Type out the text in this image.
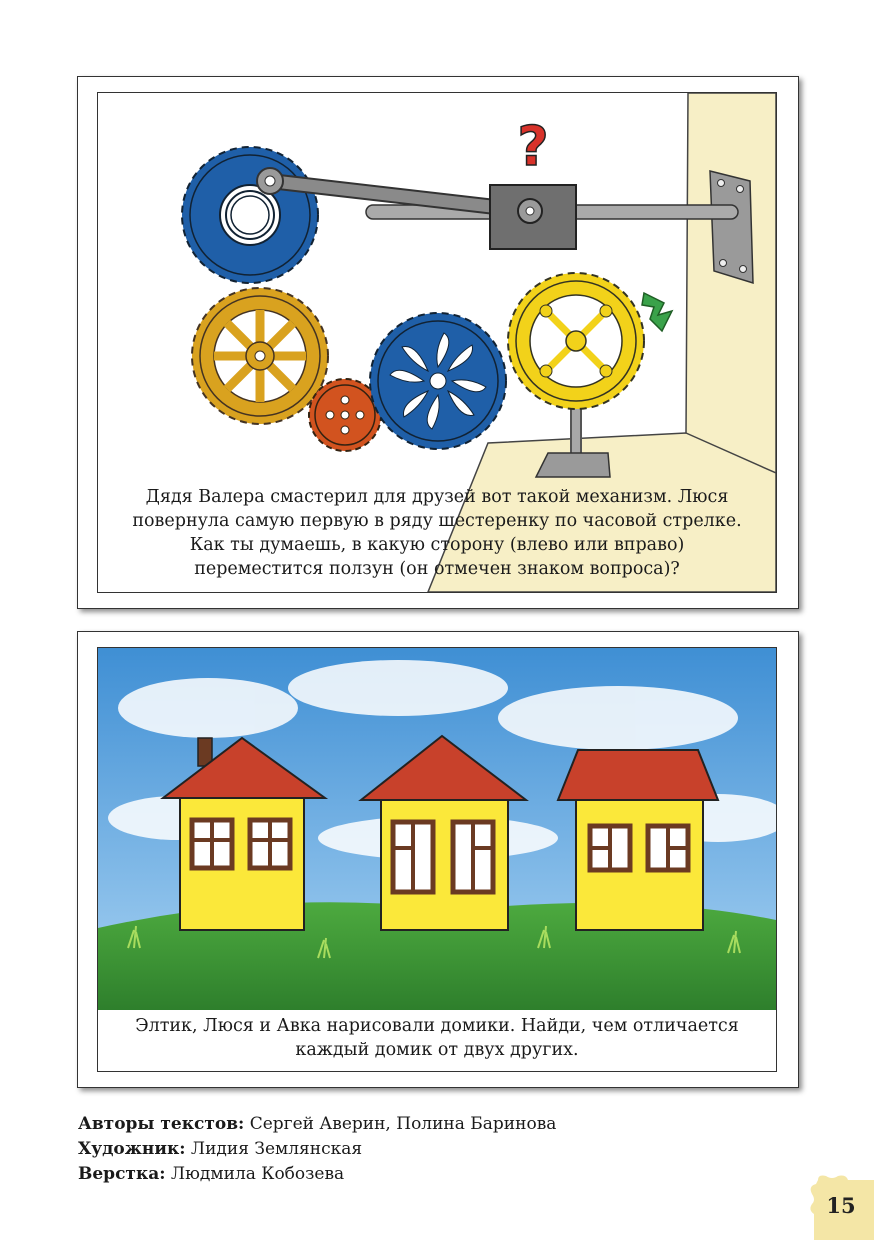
?
Дядя Валера смастерил для друзей вот такой механизм. Люся
повернула самую первую в ряду шестеренку по часовой стрелке.
Как ты думаешь, в какую сторону (влево или вправо)
переместится ползун (он отмечен знаком вопроса)?
Элтик, Люся и Авка нарисовали домики. Найди, чем отличается
каждый домик от двух других.
Авторы текстов: Сергей Аверин, Полина Баринова
Художник: Лидия Землянская
Верстка: Людмила Кобозева
15
